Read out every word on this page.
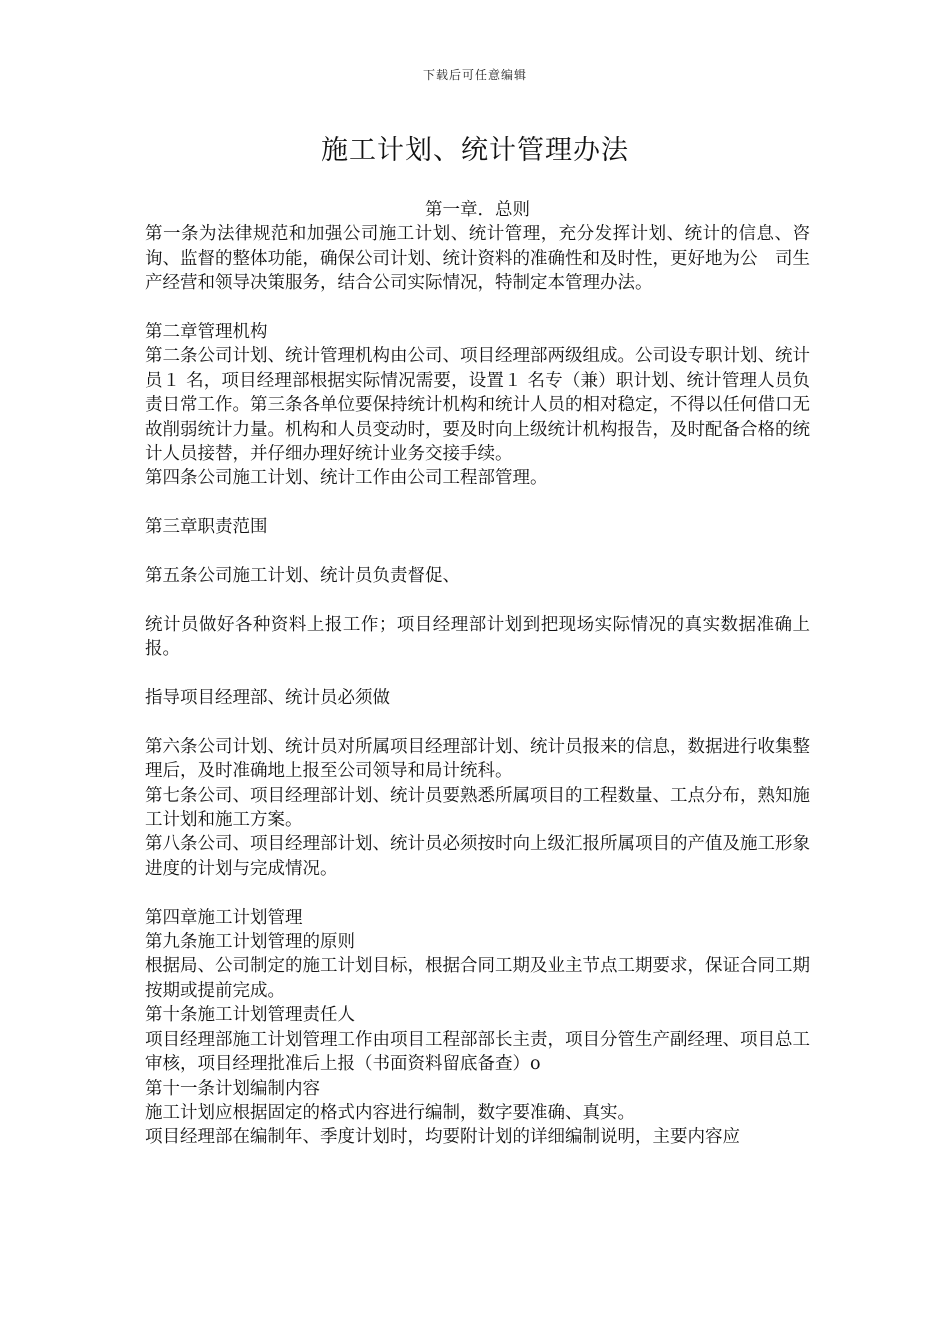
下载后可任意编辑
施工计划、统计管理办法

第一章．总则

第一条为法律规范和加强公司施工计划、统计管理，充分发挥计划、统计的信息、咨询、监督的整体功能，确保公司计划、统计资料的准确性和及时性，更好地为公　司生产经营和领导决策服务，结合公司实际情况，特制定本管理办法。

第二章管理机构

第二条公司计划、统计管理机构由公司、项目经理部两级组成。公司设专职计划、统计员１ 名，项目经理部根据实际情况需要，设置１ 名专（兼）职计划、统计管理人员负责日常工作。第三条各单位要保持统计机构和统计人员的相对稳定，不得以任何借口无故削弱统计力量。机构和人员变动时，要及时向上级统计机构报告，及时配备合格的统计人员接替，并仔细办理好统计业务交接手续。

第四条公司施工计划、统计工作由公司工程部管理。

第三章职责范围

第五条公司施工计划、统计员负责督促、

统计员做好各种资料上报工作；项目经理部计划到把现场实际情况的真实数据准确上报。

指导项目经理部、统计员必须做

第六条公司计划、统计员对所属项目经理部计划、统计员报来的信息，数据进行收集整理后，及时准确地上报至公司领导和局计统科。

第七条公司、项目经理部计划、统计员要熟悉所属项目的工程数量、工点分布，熟知施工计划和施工方案。

第八条公司、项目经理部计划、统计员必须按时向上级汇报所属项目的产值及施工形象进度的计划与完成情况。

第四章施工计划管理

第九条施工计划管理的原则

根据局、公司制定的施工计划目标，根据合同工期及业主节点工期要求，保证合同工期按期或提前完成。

第十条施工计划管理责任人

项目经理部施工计划管理工作由项目工程部部长主责，项目分管生产副经理、项目总工审核，项目经理批准后上报（书面资料留底备查）o

第十一条计划编制内容

施工计划应根据固定的格式内容进行编制，数字要准确、真实。

项目经理部在编制年、季度计划时，均要附计划的详细编制说明，主要内容应
